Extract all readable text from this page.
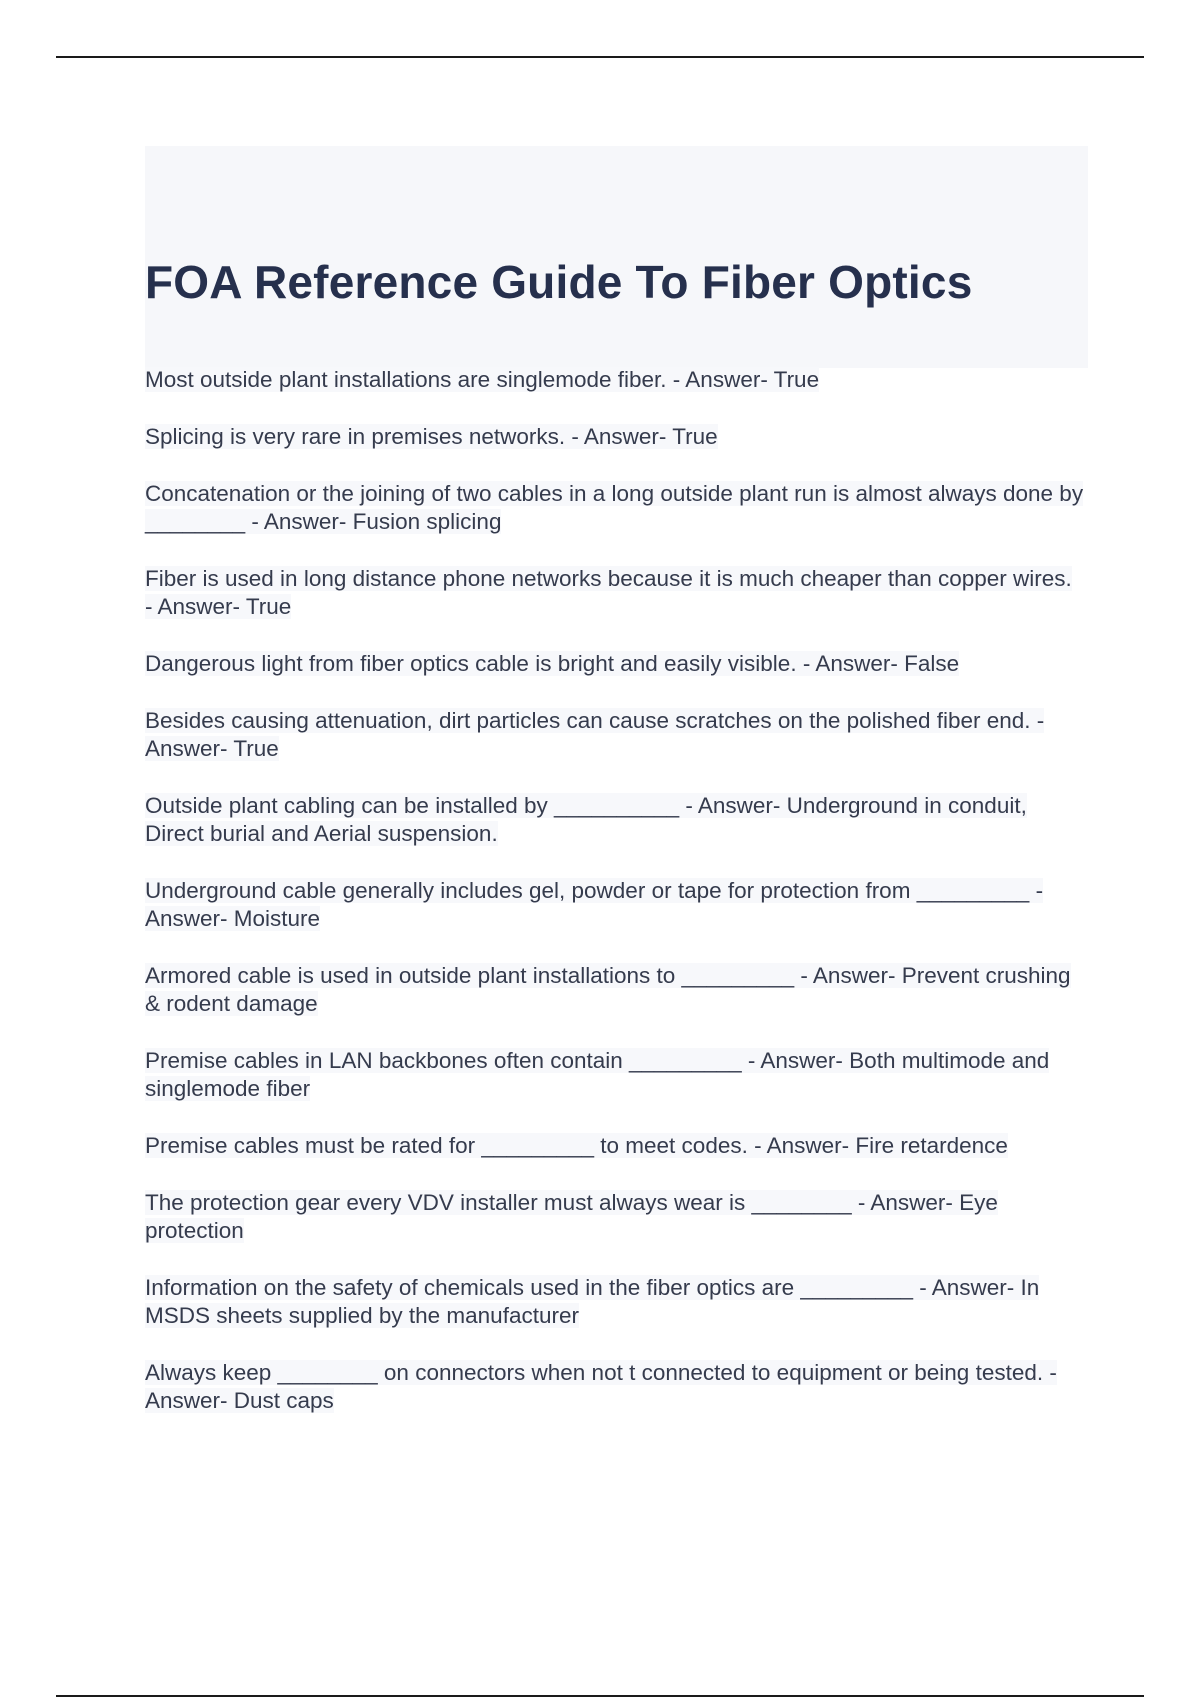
FOA Reference Guide To Fiber Optics
Most outside plant installations are singlemode fiber. - Answer- True
Splicing is very rare in premises networks. - Answer- True
Concatenation or the joining of two cables in a long outside plant run is almost always done by ________ - Answer- Fusion splicing
Fiber is used in long distance phone networks because it is much cheaper than copper wires. - Answer- True
Dangerous light from fiber optics cable is bright and easily visible. - Answer- False
Besides causing attenuation, dirt particles can cause scratches on the polished fiber end. - Answer- True
Outside plant cabling can be installed by __________ - Answer- Underground in conduit, Direct burial and Aerial suspension.
Underground cable generally includes gel, powder or tape for protection from _________ - Answer- Moisture
Armored cable is used in outside plant installations to _________ - Answer- Prevent crushing & rodent damage
Premise cables in LAN backbones often contain _________ - Answer- Both multimode and singlemode fiber
Premise cables must be rated for _________ to meet codes. - Answer- Fire retardence
The protection gear every VDV installer must always wear is ________ - Answer- Eye protection
Information on the safety of chemicals used in the fiber optics are _________ - Answer- In MSDS sheets supplied by the manufacturer
Always keep ________ on connectors when not t connected to equipment or being tested. - Answer- Dust caps
